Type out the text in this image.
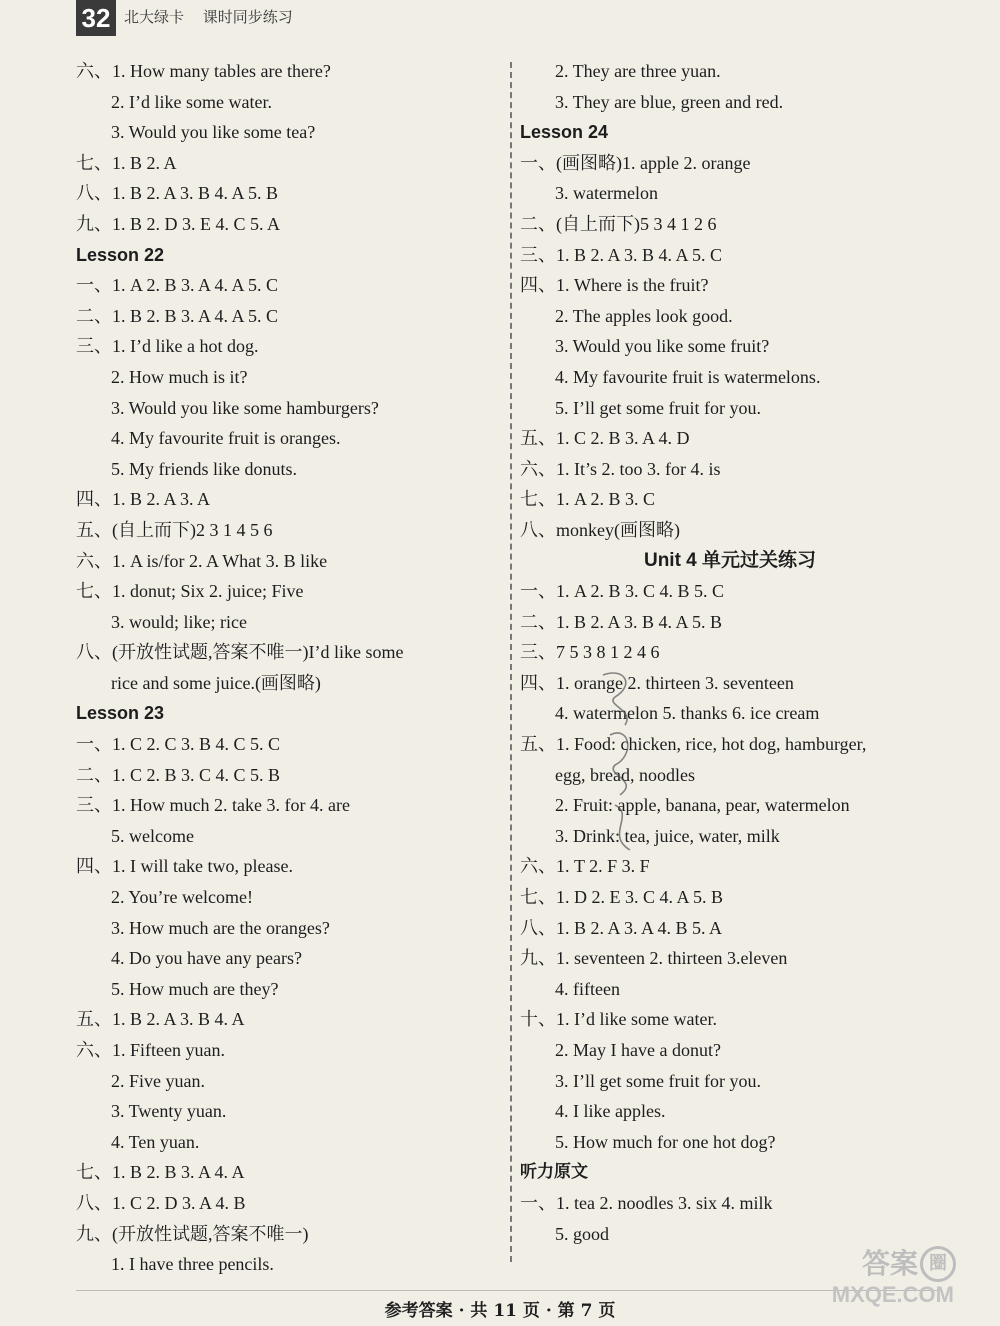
32 北大绿卡 课时同步练习
六、1. How many tables are there?
2. I’d like some water.
3. Would you like some tea?
七、1. B 2. A
八、1. B 2. A 3. B 4. A 5. B
九、1. B 2. D 3. E 4. C 5. A
Lesson 22
一、1. A 2. B 3. A 4. A 5. C
二、1. B 2. B 3. A 4. A 5. C
三、1. I’d like a hot dog.
2. How much is it?
3. Would you like some hamburgers?
4. My favourite fruit is oranges.
5. My friends like donuts.
四、1. B 2. A 3. A
五、(自上而下)2 3 1 4 5 6
六、1. A is/for 2. A What 3. B like
七、1. donut; Six 2. juice; Five
3. would; like; rice
八、(开放性试题,答案不唯一)I’d like some
rice and some juice.(画图略)
Lesson 23
一、1. C 2. C 3. B 4. C 5. C
二、1. C 2. B 3. C 4. C 5. B
三、1. How much 2. take 3. for 4. are
5. welcome
四、1. I will take two, please.
2. You’re welcome!
3. How much are the oranges?
4. Do you have any pears?
5. How much are they?
五、1. B 2. A 3. B 4. A
六、1. Fifteen yuan.
2. Five yuan.
3. Twenty yuan.
4. Ten yuan.
七、1. B 2. B 3. A 4. A
八、1. C 2. D 3. A 4. B
九、(开放性试题,答案不唯一)
1. I have three pencils.
2. They are three yuan.
3. They are blue, green and red.
Lesson 24
一、(画图略)1. apple 2. orange
3. watermelon
二、(自上而下)5 3 4 1 2 6
三、1. B 2. A 3. B 4. A 5. C
四、1. Where is the fruit?
2. The apples look good.
3. Would you like some fruit?
4. My favourite fruit is watermelons.
5. I’ll get some fruit for you.
五、1. C 2. B 3. A 4. D
六、1. It’s 2. too 3. for 4. is
七、1. A 2. B 3. C
八、monkey(画图略)
Unit 4 单元过关练习
一、1. A 2. B 3. C 4. B 5. C
二、1. B 2. A 3. B 4. A 5. B
三、7 5 3 8 1 2 4 6
四、1. orange 2. thirteen 3. seventeen
4. watermelon 5. thanks 6. ice cream
五、1. Food: chicken, rice, hot dog, hamburger,
egg, bread, noodles
2. Fruit: apple, banana, pear, watermelon
3. Drink: tea, juice, water, milk
六、1. T 2. F 3. F
七、1. D 2. E 3. C 4. A 5. B
八、1. B 2. A 3. A 4. B 5. A
九、1. seventeen 2. thirteen 3.eleven
4. fifteen
十、1. I’d like some water.
2. May I have a donut?
3. I’ll get some fruit for you.
4. I like apples.
5. How much for one hot dog?
听力原文
一、1. tea 2. noodles 3. six 4. milk
5. good
参考答案 · 共 11 页 · 第 7 页
答案 圈
MXQE.COM
